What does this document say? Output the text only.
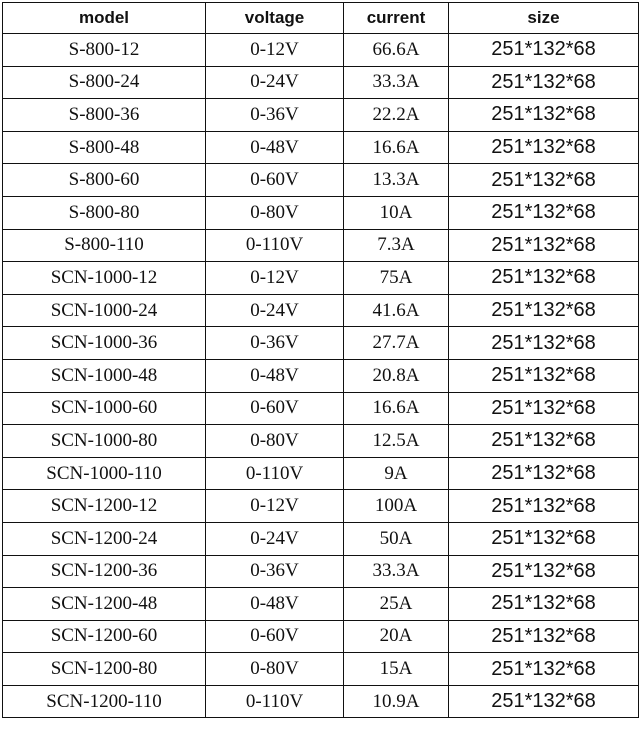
model	voltage	current	size
S-800-12	0-12V	66.6A	251*132*68
S-800-24	0-24V	33.3A	251*132*68
S-800-36	0-36V	22.2A	251*132*68
S-800-48	0-48V	16.6A	251*132*68
S-800-60	0-60V	13.3A	251*132*68
S-800-80	0-80V	10A	251*132*68
S-800-110	0-110V	7.3A	251*132*68
SCN-1000-12	0-12V	75A	251*132*68
SCN-1000-24	0-24V	41.6A	251*132*68
SCN-1000-36	0-36V	27.7A	251*132*68
SCN-1000-48	0-48V	20.8A	251*132*68
SCN-1000-60	0-60V	16.6A	251*132*68
SCN-1000-80	0-80V	12.5A	251*132*68
SCN-1000-110	0-110V	9A	251*132*68
SCN-1200-12	0-12V	100A	251*132*68
SCN-1200-24	0-24V	50A	251*132*68
SCN-1200-36	0-36V	33.3A	251*132*68
SCN-1200-48	0-48V	25A	251*132*68
SCN-1200-60	0-60V	20A	251*132*68
SCN-1200-80	0-80V	15A	251*132*68
SCN-1200-110	0-110V	10.9A	251*132*68
